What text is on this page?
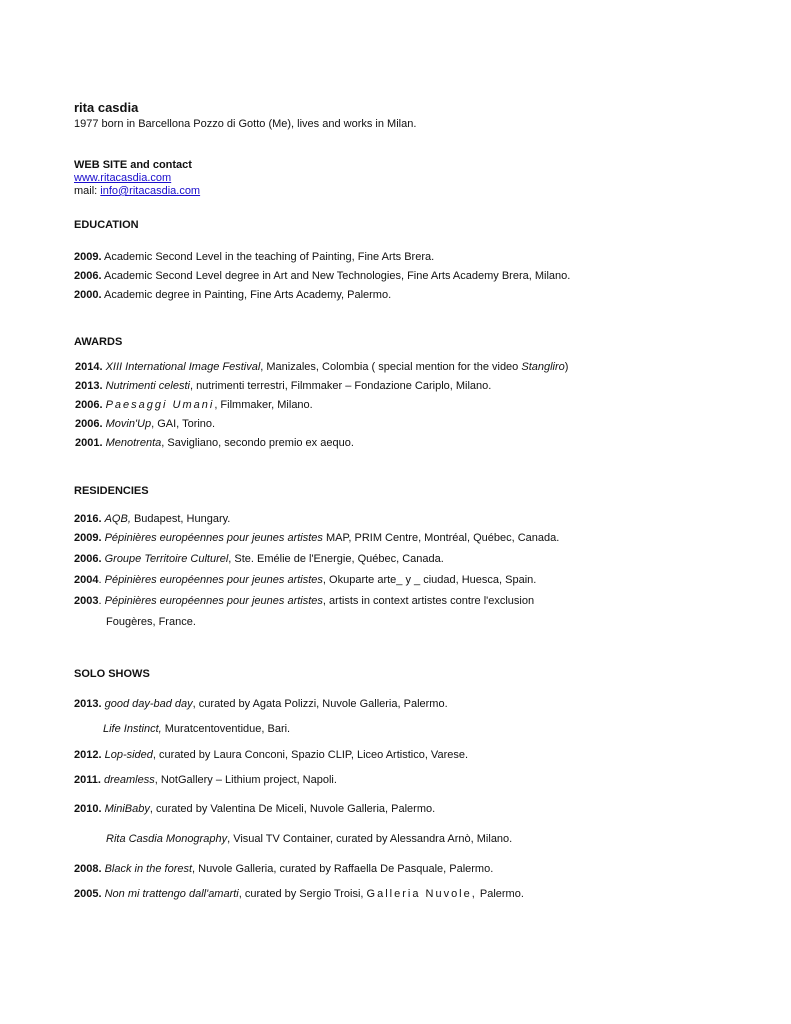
rita casdia
1977 born in Barcellona Pozzo di Gotto (Me), lives and works in Milan.
WEB SITE and contact
www.ritacasdia.com
mail: info@ritacasdia.com
EDUCATION
2009. Academic Second Level in the teaching of Painting, Fine Arts Brera.
2006. Academic Second Level degree in Art and New Technologies, Fine Arts Academy Brera, Milano.
2000. Academic degree in Painting, Fine Arts Academy, Palermo.
AWARDS
2014. XIII International Image Festival, Manizales, Colombia ( special mention for the video Stangliro)
2013. Nutrimenti celesti, nutrimenti terrestri, Filmmaker – Fondazione Cariplo, Milano.
2006. Paesaggi Umani, Filmmaker, Milano.
2006. Movin'Up, GAI, Torino.
2001. Menotrenta, Savigliano, secondo premio ex aequo.
RESIDENCIES
2016. AQB, Budapest, Hungary.
2009. Pépinières européennes pour jeunes artistes MAP, PRIM Centre, Montréal, Québec, Canada.
2006. Groupe Territoire Culturel, Ste. Emélie de l'Energie, Québec, Canada.
2004. Pépinières européennes pour jeunes artistes, Okuparte arte_ y _ ciudad, Huesca, Spain.
2003. Pépinières européennes pour jeunes artistes, artists in context artistes contre l'exclusion
Fougères, France.
SOLO SHOWS
2013. good day-bad day, curated by Agata Polizzi, Nuvole Galleria, Palermo.
Life Instinct, Muratcentoventidue, Bari.
2012. Lop-sided, curated by Laura Conconi, Spazio CLIP, Liceo Artistico, Varese.
2011. dreamless, NotGallery – Lithium project, Napoli.
2010. MiniBaby, curated by Valentina De Miceli, Nuvole Galleria, Palermo.
Rita Casdia Monography, Visual TV Container, curated by Alessandra Arnò, Milano.
2008. Black in the forest, Nuvole Galleria, curated by Raffaella De Pasquale, Palermo.
2005. Non mi trattengo dall'amarti, curated by Sergio Troisi, Galleria Nuvole, Palermo.
